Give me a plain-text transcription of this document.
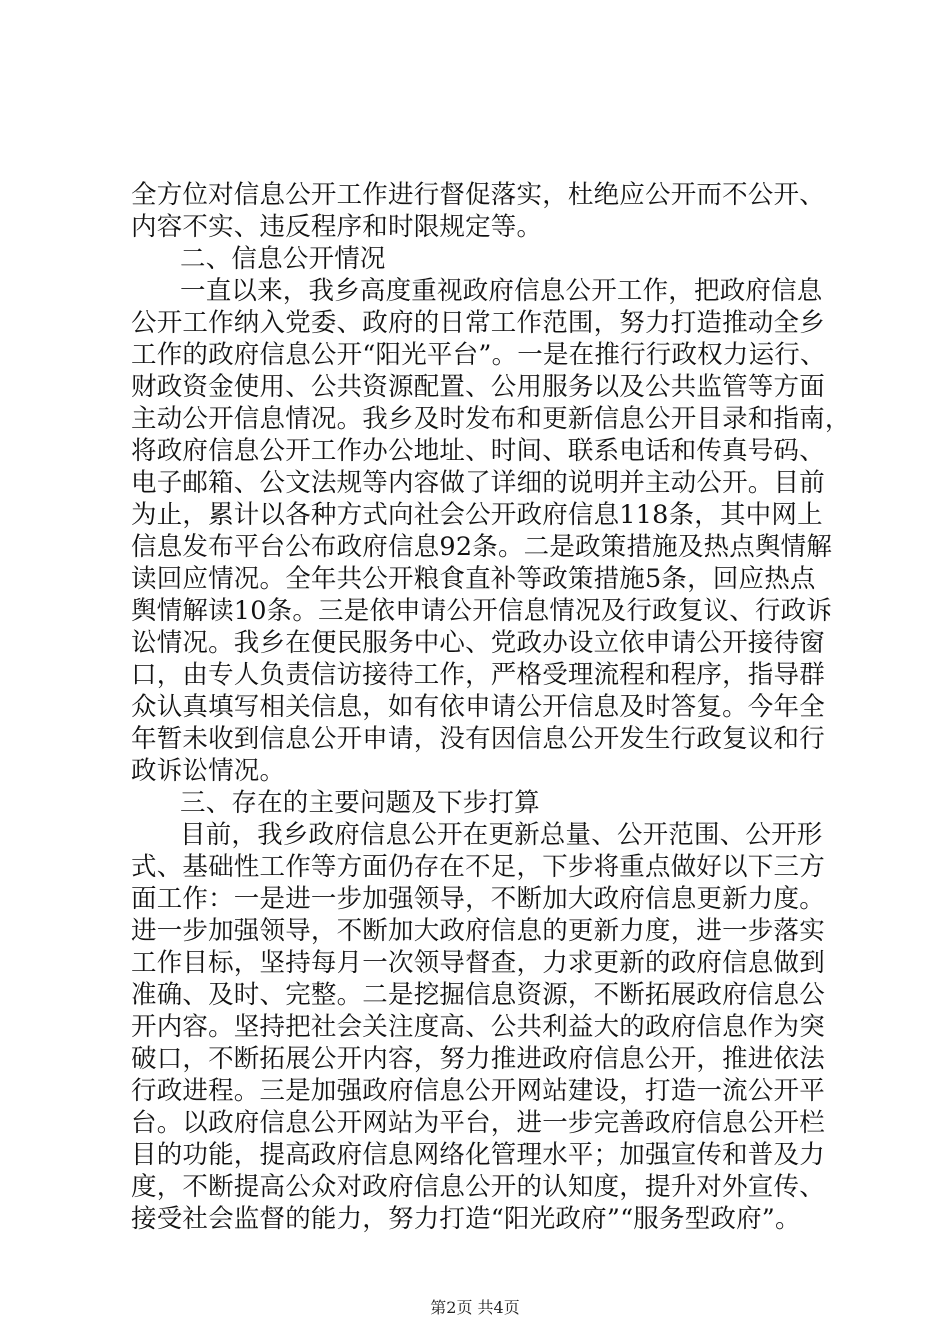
全方位对信息公开工作进行督促落实，杜绝应公开而不公开、
内容不实、违反程序和时限规定等。
二、信息公开情况
一直以来，我乡高度重视政府信息公开工作，把政府信息
公开工作纳入党委、政府的日常工作范围，努力打造推动全乡
工作的政府信息公开“阳光平台”。一是在推行行政权力运行、
财政资金使用、公共资源配置、公用服务以及公共监管等方面
主动公开信息情况。我乡及时发布和更新信息公开目录和指南，
将政府信息公开工作办公地址、时间、联系电话和传真号码、
电子邮箱、公文法规等内容做了详细的说明并主动公开。目前
为止，累计以各种方式向社会公开政府信息118条，其中网上
信息发布平台公布政府信息92条。二是政策措施及热点舆情解
读回应情况。全年共公开粮食直补等政策措施5条，回应热点
舆情解读10条。三是依申请公开信息情况及行政复议、行政诉
讼情况。我乡在便民服务中心、党政办设立依申请公开接待窗
口，由专人负责信访接待工作，严格受理流程和程序，指导群
众认真填写相关信息，如有依申请公开信息及时答复。今年全
年暂未收到信息公开申请，没有因信息公开发生行政复议和行
政诉讼情况。
三、存在的主要问题及下步打算
目前，我乡政府信息公开在更新总量、公开范围、公开形
式、基础性工作等方面仍存在不足，下步将重点做好以下三方
面工作：一是进一步加强领导，不断加大政府信息更新力度。
进一步加强领导，不断加大政府信息的更新力度，进一步落实
工作目标，坚持每月一次领导督查，力求更新的政府信息做到
准确、及时、完整。二是挖掘信息资源，不断拓展政府信息公
开内容。坚持把社会关注度高、公共利益大的政府信息作为突
破口，不断拓展公开内容，努力推进政府信息公开，推进依法
行政进程。三是加强政府信息公开网站建设，打造一流公开平
台。以政府信息公开网站为平台，进一步完善政府信息公开栏
目的功能，提高政府信息网络化管理水平；加强宣传和普及力
度，不断提高公众对政府信息公开的认知度，提升对外宣传、
接受社会监督的能力，努力打造“阳光政府”“服务型政府”。
第2页 共4页
